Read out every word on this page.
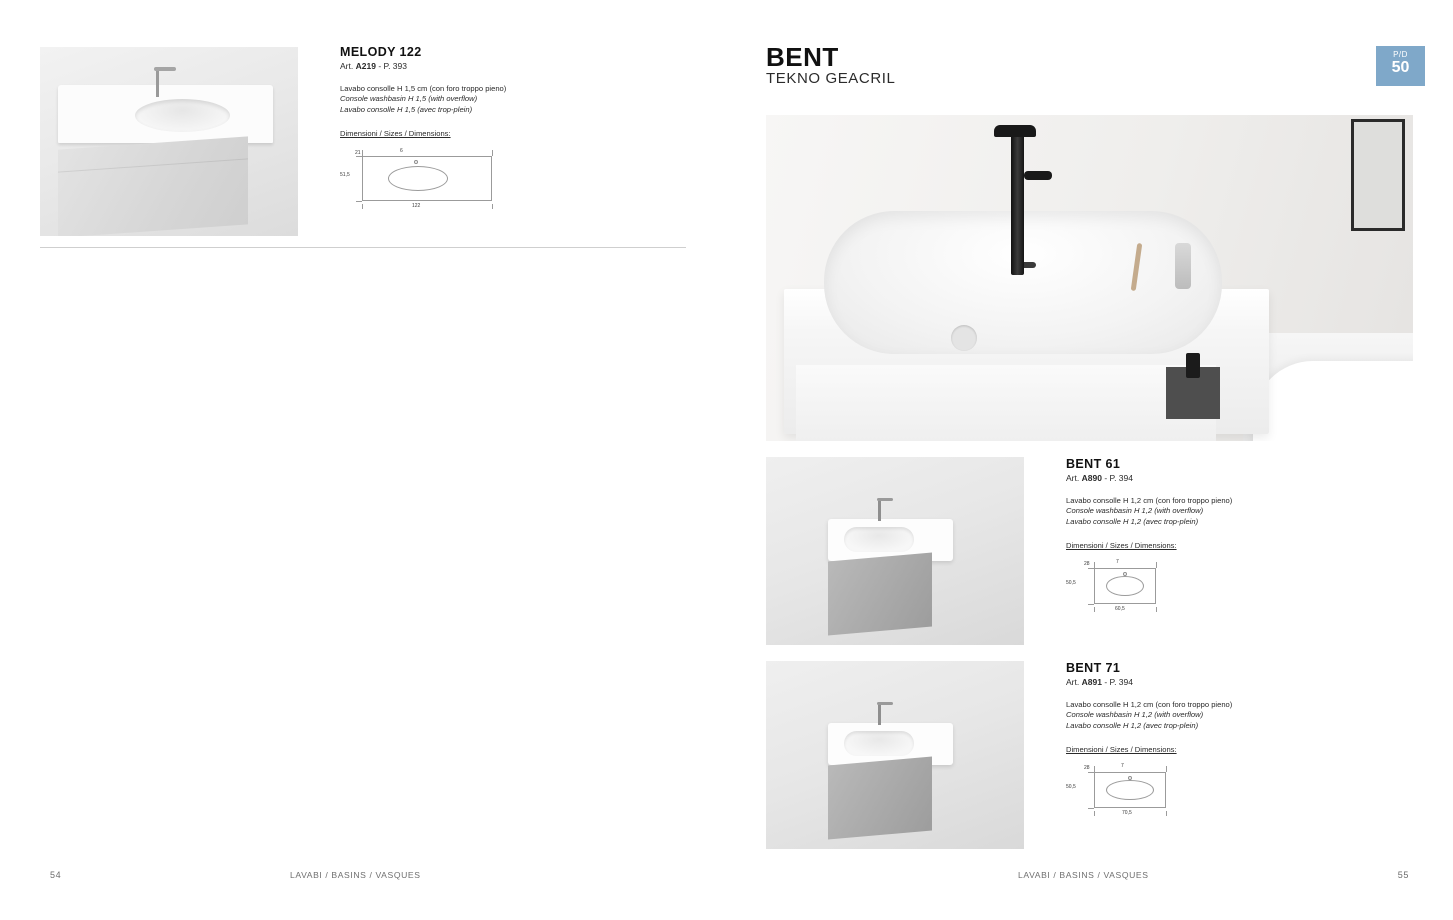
MELODY 122
Art. A219 - P. 393
Lavabo consolle H 1,5 cm (con foro troppo pieno)
Console washbasin H 1,5 (with overflow)
Lavabo consolle H 1,5 (avec trop-plein)
Dimensioni / Sizes / Dimensions:
21	6
51,5
122
54	LAVABI / BASINS / VASQUES
BENT
TEKNO GEACRIL
P/D
50
BENT 61
Art. A890 - P. 394
Lavabo consolle H 1,2 cm (con foro troppo pieno)
Console washbasin H 1,2 (with overflow)
Lavabo consolle H 1,2 (avec trop-plein)
Dimensioni / Sizes / Dimensions:
28	7
50,5
60,5
BENT 71
Art. A891 - P. 394
Lavabo consolle H 1,2 cm (con foro troppo pieno)
Console washbasin H 1,2 (with overflow)
Lavabo consolle H 1,2 (avec trop-plein)
Dimensioni / Sizes / Dimensions:
28	7
50,5
70,5
LAVABI / BASINS / VASQUES	55
